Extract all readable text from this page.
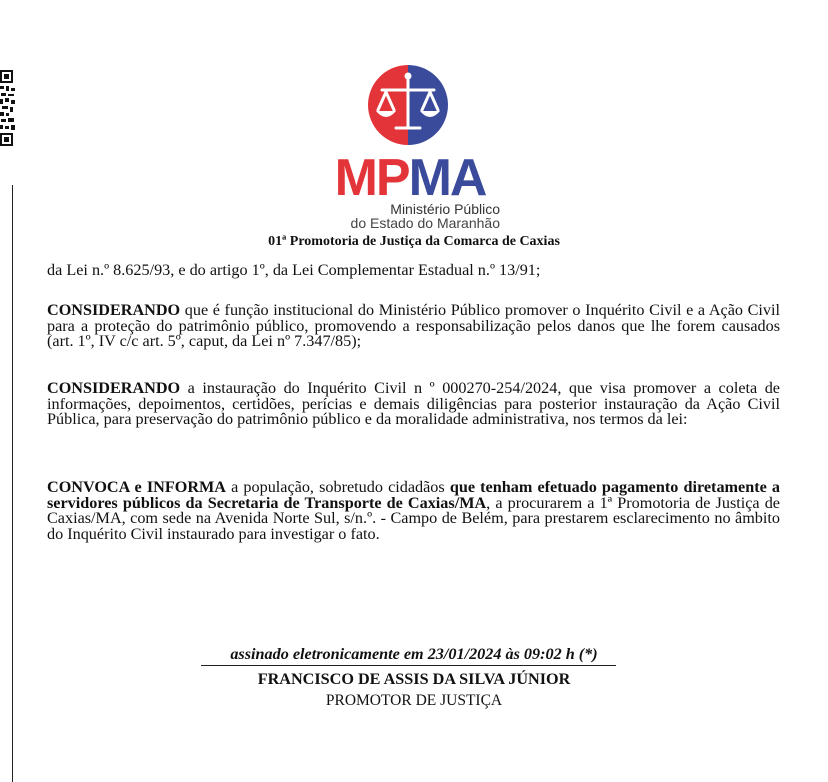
MPMA
Ministério Público
do Estado do Maranhão
01ª Promotoria de Justiça da Comarca de Caxias
da Lei n.º 8.625/93, e do artigo 1º, da Lei Complementar Estadual n.º 13/91;
CONSIDERANDO que é função institucional do Ministério Público promover o Inquérito Civil e a Ação Civil para a proteção do patrimônio público, promovendo a responsabilização pelos danos que lhe forem causados (art. 1º, IV c/c art. 5º, caput, da Lei nº 7.347/85);
CONSIDERANDO a instauração do Inquérito Civil n º 000270-254/2024, que visa promover a coleta de informações, depoimentos, certidões, perícias e demais diligências para posterior instauração da Ação Civil Pública, para preservação do patrimônio público e da moralidade administrativa, nos termos da lei:
CONVOCA e INFORMA a população, sobretudo cidadãos que tenham efetuado pagamento diretamente a servidores públicos da Secretaria de Transporte de Caxias/MA, a procurarem a 1ª Promotoria de Justiça de Caxias/MA, com sede na Avenida Norte Sul, s/n.º. - Campo de Belém, para prestarem esclarecimento no âmbito do Inquérito Civil instaurado para investigar o fato.
assinado eletronicamente em 23/01/2024 às 09:02 h (*)
FRANCISCO DE ASSIS DA SILVA JÚNIOR
PROMOTOR DE JUSTIÇA
